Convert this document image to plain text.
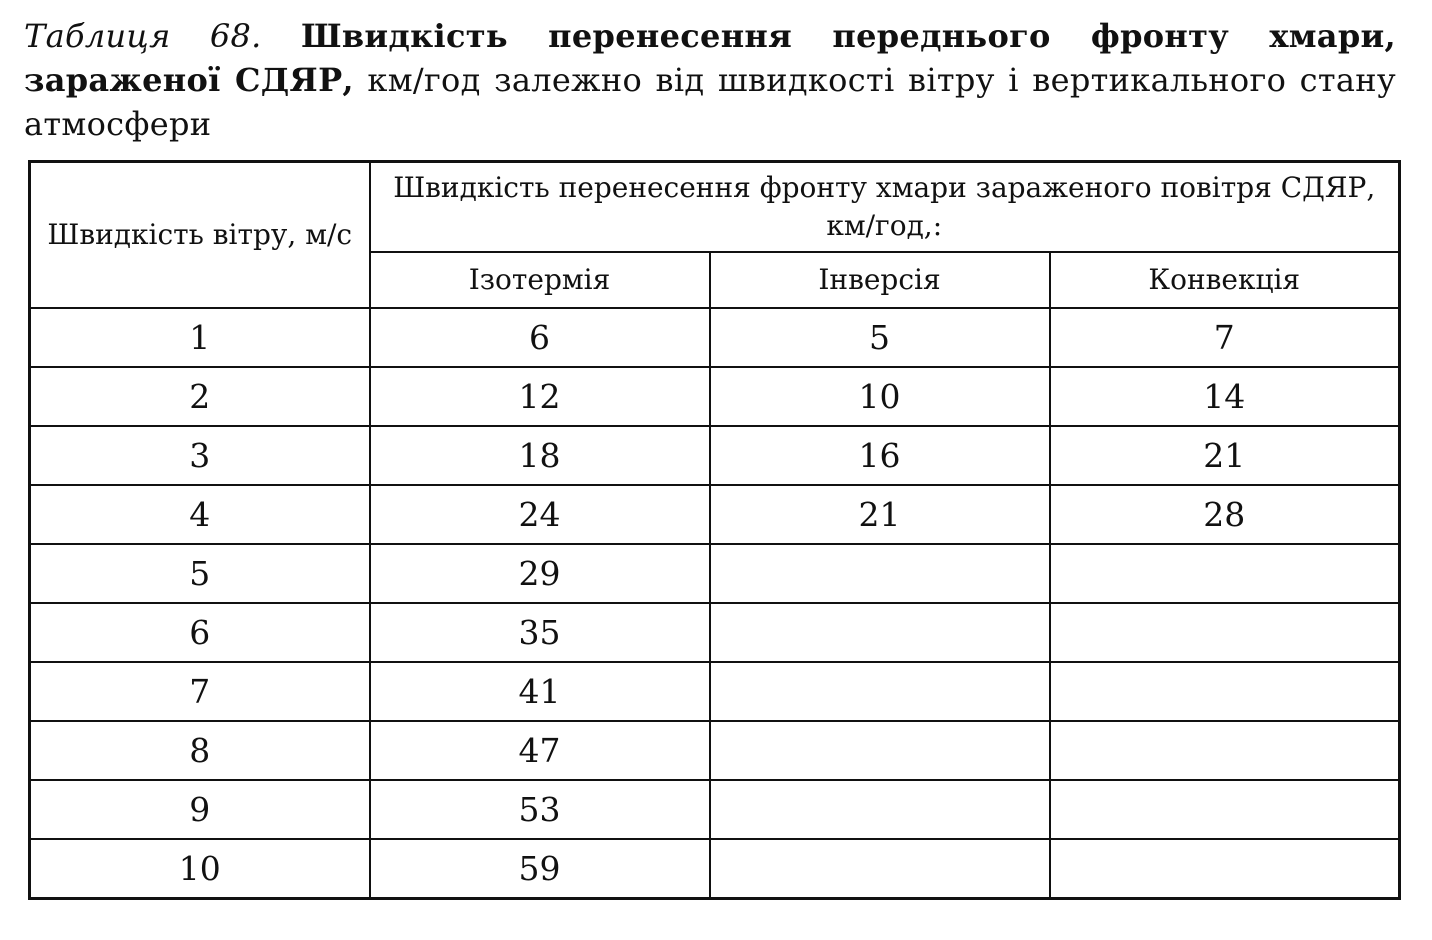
Таблиця 68. Швидкість перенесення переднього фронту хмари, зараженої СДЯР, км/год залежно від швидкості вітру і вертикального стану атмосфери
Швидкість вітру, м/с	Швидкість перенесення фронту хмари зараженого повітря СДЯР, км/год,:		
	Ізотермія	Інверсія	Конвекція
1	6	5	7
2	12	10	14
3	18	16	21
4	24	21	28
5	29		
6	35		
7	41		
8	47		
9	53		
10	59		
